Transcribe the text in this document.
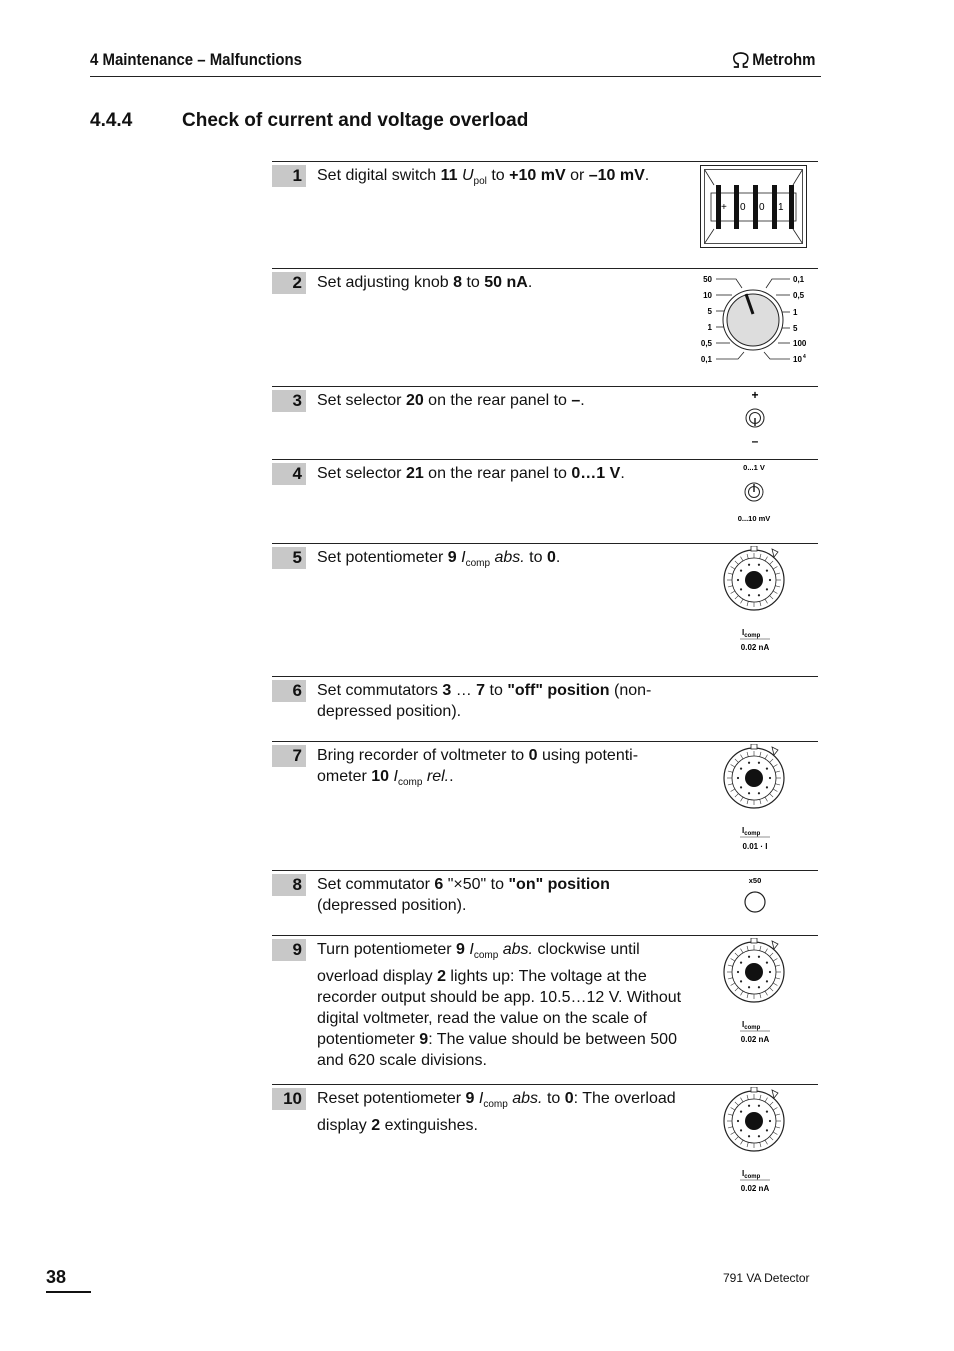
4 Maintenance – Malfunctions	Metrohm
4.4.4	Check of current and voltage overload
1 Set digital switch 11 $U_{pol}$ to +10 mV or –10 mV.
2 Set adjusting knob 8 to 50 nA.
3 Set selector 20 on the rear panel to –.
4 Set selector 21 on the rear panel to 0…1 V.
5 Set potentiometer 9 $I_{comp}$ abs. to 0.
6 Set commutators 3 … 7 to "off" position (non-depressed position).
7 Bring recorder of voltmeter to 0 using potenti-ometer 10 $I_{comp}$ rel..
8 Set commutator 6 "×50" to "on" position (depressed position).
9 Turn potentiometer 9 $I_{comp}$ abs. clockwise until overload display 2 lights up: The voltage at the recorder output should be app. 10.5…12 V. Without digital voltmeter, read the value on the scale of potentiometer 9: The value should be between 500 and 620 scale divisions.
10 Reset potentiometer 9 $I_{comp}$ abs. to 0: The overload display 2 extinguishes.
+ 0 0 1
50
10
5
1
0,5
0,1
0,1
0,5
1
5
100
10 4
+
–
0...1 V
0...10 mV
$I_{comp}$
0.02 nA
$I_{comp}$
0.01 · I
x50
$I_{comp}$
0.02 nA
$I_{comp}$
0.02 nA
38	791 VA Detector
